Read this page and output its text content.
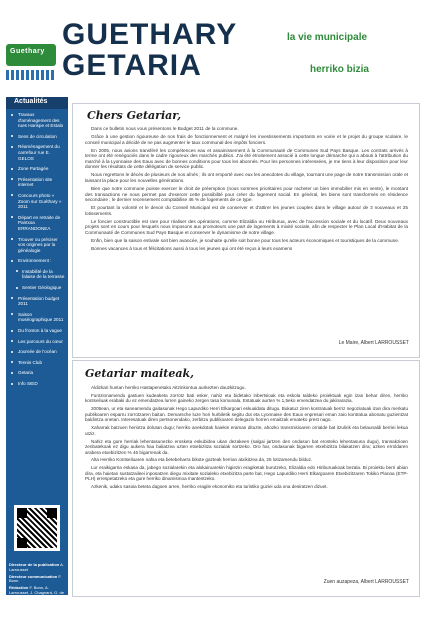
Guethary
GUETHARY	la vie municipale
GETARIA	herriko bizia
Actualités
Travaux d'aménagement des rues Harispe et Estalo
Sens de circulation
Réaménagement du carrefour rue E. GELOS
Zone Partagée
Présentation site internet
Concours photo « Zoom sur Guéthary » 2011
Départ en retraite de Pantxoa ERRANDONEA
Trouver ou préciser vos origines par la généalogie
Environnement :
Instabilité de la falaise de la terrasse
Sentier Géologique
Présentation budget 2011
Saison muséographique 2011
Du fronton à la vague
Les parcours du cœur
Journée de l'océan
Tennis Club
Getaria
Info SIED

Directeur de la publication A. Larrousset

Directeur communication F. Bonn

Rédaction F. Bonn, A. Larrousset, J. Chagnard, G. de Souhuit, SIED

Conception Mairie

Photo, Illustrations Mairie, F. Bonn, Du fronton à la vague, Tennis club

Impression Imprimerie 87

Chers Getariar,

Dans ce bulletin nous vous présentons le Budget 2011 de la commune.

Grâce à une gestion rigoureuse de nos frais de fonctionnement et malgré les investissements importants en voirie et le projet du groupe scolaire, le conseil municipal a décidé de ne pas augmenter le taux communal des impôts fonciers.

En 2005, nous avions transféré les compétences eau et assainissement à la Communauté de Communes Sud Pays Basque. Les contrats arrivés à terme ont été renégociés dans le cadre rigoureux des marchés publics. J'ai été étroitement associé à cette longue démarche qui a abouti à l'attribution du marché à la Lyonnaise des Eaux avec de bonnes conditions pour tous les abonnés. Pour les personnes intéressées, je me tiens à leur disposition pour leur donner les résultats de cette délégation de service public.

Nous regrettons le décès de plusieurs de nos aînés ; ils ont emporté avec eux les anecdotes du village, tournant une page de notre transmission orale et laissant la place pour les nouvelles générations.

Bien que notre commune puisse exercer le droit de préemption (nous sommes prioritaires pour racheter un bien immobilier mis en vente), le montant des transactions ne nous permet pas d'exercer cette possibilité pour créer du logement social. En général, les biens sont transformés en résidence secondaire ; le dernier recensement comptabilise 46 % de logements de ce type.

Et pourtant la volonté et le devoir du Conseil Municipal est de conserver et d'attirer les jeunes couples dans le village autour de 3 nouveaux et 25 lotissements.

Le foncier constructible est rare pour réaliser des opérations, comme Elizaldia ou Hiriburua, avec de l'accession sociale et du locatif. Deux nouveaux projets sont en cours pour lesquels nous imposons aux promoteurs une part de logements à mixité sociale, afin de respecter le Plan Local d'Habitat de la Communauté de Communes Sud Pays Basque et conserver le dynamisme de notre village.

Enfin, bien que la saison estivale soit bien avancée, je souhaite qu'elle soit bonne pour tous les acteurs économiques et touristiques de la commune.

Bonnes vacances à tous et félicitations aussi à tous les jeunes qui ont été reçus à leurs examens

Le Maire, Albert LARROUSSET
Getariar maiteak,

Aldizkari huntan herriko Hastapenetako Aitzinkontua aurkezten dauzkitzugu.

Funtzionamendu gastuen kudeaketa zorrotz bati esker, nahiz eta bidetako inbertsioak eta eskola taldeko proiektuak egin izan behar diren, herriko kontseiluak erabaki du ez emendatzea lurren gaineko zergen tasa komunala. Estatuak aurten % 1,5eko emendatzea du jakinarazia.

2005ean, ur eta saneamendu gaitasunak Hego Lapurdiko Herri Elkargoari eskualdatu ditugu. Bukatuz ziren kontratuak berriz negoziatuak izan dira merkatu publikoaren esparru zorrotzaren baitan. Demarsche luze hori hurbiletik segitu dut eta Lyonnaise des Eaux enpresari eman zaio kontratua abonatu guzientzat baldintza onetan. Interesatuak diren pertsonendako, zerbitzu publikoaren delegazio horren emaitzak emateko prest nago.

Xaharrak batzuen heriotza dolutan dugu; herriko anekdotak haiekin eraman dituzte, ahozko transmisioaren orrialde bat itzulirik eta belaunaldi berriei lekua utziz.

Nahiz eta gure herriak lehentasunezko erosketa eskubidea ukan dezakeen (salgai jartzen den ondasun bat erosteko lehentasuna dugu), transakzioen zenbatekoak ez digu aukera hau baliatzea uzten etxebizitza sozialak sortzeko. Oro har, ondasunak bigarren etxebizitza bilakatzen dira; azken erroldaren arabera etxebizitzen % 46 bigarrenak da.

Alta Herriko Kontseiluaren nahia eta betebeharra bikote gazteak herrian atxikitzea da, 25 lotizamendu bilduz.

Lur eraikigarria eskasa da, jabego sozialarekin eta alokairuarekin higiezin eragiketak burutzeko, Elizaldia edo Hiriburuakoak bezala. Bi proiektu berri abian dira, eta haietan sustatzaileei inposatzen diegu mixitate sozialeko etxebizitza parte bat, Hego Lapurdiko Herri Elkargoaren Etxebizitzaren Tokiko Planoa (ETP-PLH) errespetatzeko eta gure herriko dinamismoa mantentzeko.

Azkenik, udako sasoia beteta dagoen arren, herriko eragile ekonomiko eta turistiko guziei uda ona desiratzen dizuet.

Zuen auzapeza, Albert LARROUSSET
